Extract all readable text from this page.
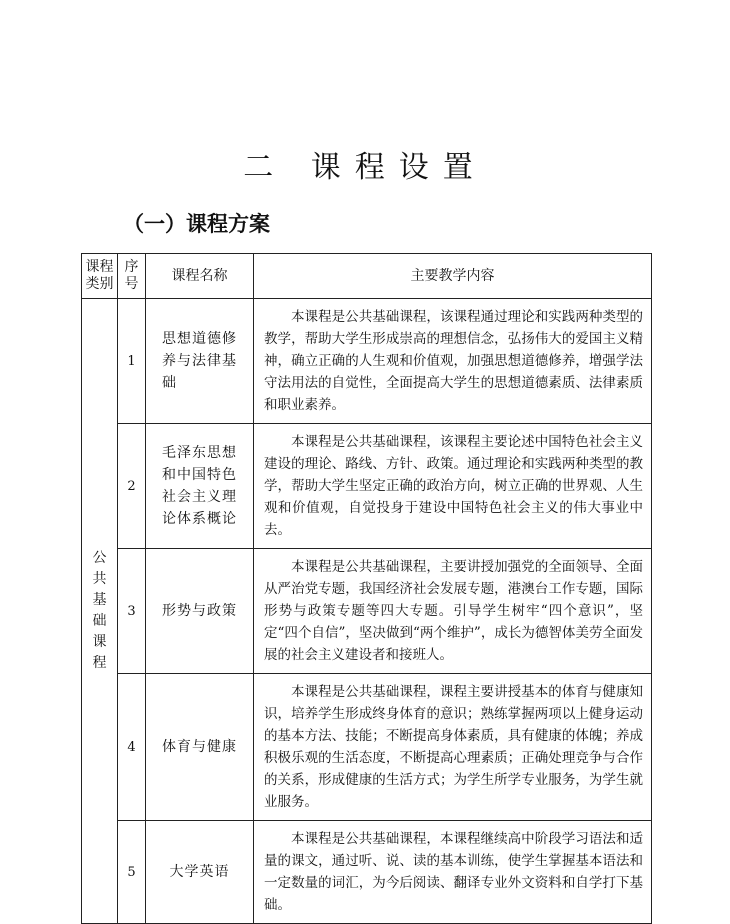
二 课程设置
（一）课程方案
课程类别	序号	课程名称	主要教学内容
公共基础课程	1	思想道德修养与法律基础	本课程是公共基础课程，该课程通过理论和实践两种类型的教学，帮助大学生形成崇高的理想信念，弘扬伟大的爱国主义精神，确立正确的人生观和价值观，加强思想道德修养，增强学法守法用法的自觉性，全面提高大学生的思想道德素质、法律素质和职业素养。
	2	毛泽东思想和中国特色社会主义理论体系概论	本课程是公共基础课程，该课程主要论述中国特色社会主义建设的理论、路线、方针、政策。通过理论和实践两种类型的教学，帮助大学生坚定正确的政治方向，树立正确的世界观、人生观和价值观，自觉投身于建设中国特色社会主义的伟大事业中去。
	3	形势与政策	本课程是公共基础课程，主要讲授加强党的全面领导、全面从严治党专题，我国经济社会发展专题，港澳台工作专题，国际形势与政策专题等四大专题。引导学生树牢“四个意识”，坚定“四个自信”，坚决做到“两个维护”，成长为德智体美劳全面发展的社会主义建设者和接班人。
	4	体育与健康	本课程是公共基础课程，课程主要讲授基本的体育与健康知识，培养学生形成终身体育的意识；熟练掌握两项以上健身运动的基本方法、技能；不断提高身体素质，具有健康的体魄；养成积极乐观的生活态度，不断提高心理素质；正确处理竞争与合作的关系，形成健康的生活方式；为学生所学专业服务，为学生就业服务。
	5	大学英语	本课程是公共基础课程，本课程继续高中阶段学习语法和适量的课文，通过听、说、读的基本训练，使学生掌握基本语法和一定数量的词汇，为今后阅读、翻译专业外文资料和自学打下基础。
